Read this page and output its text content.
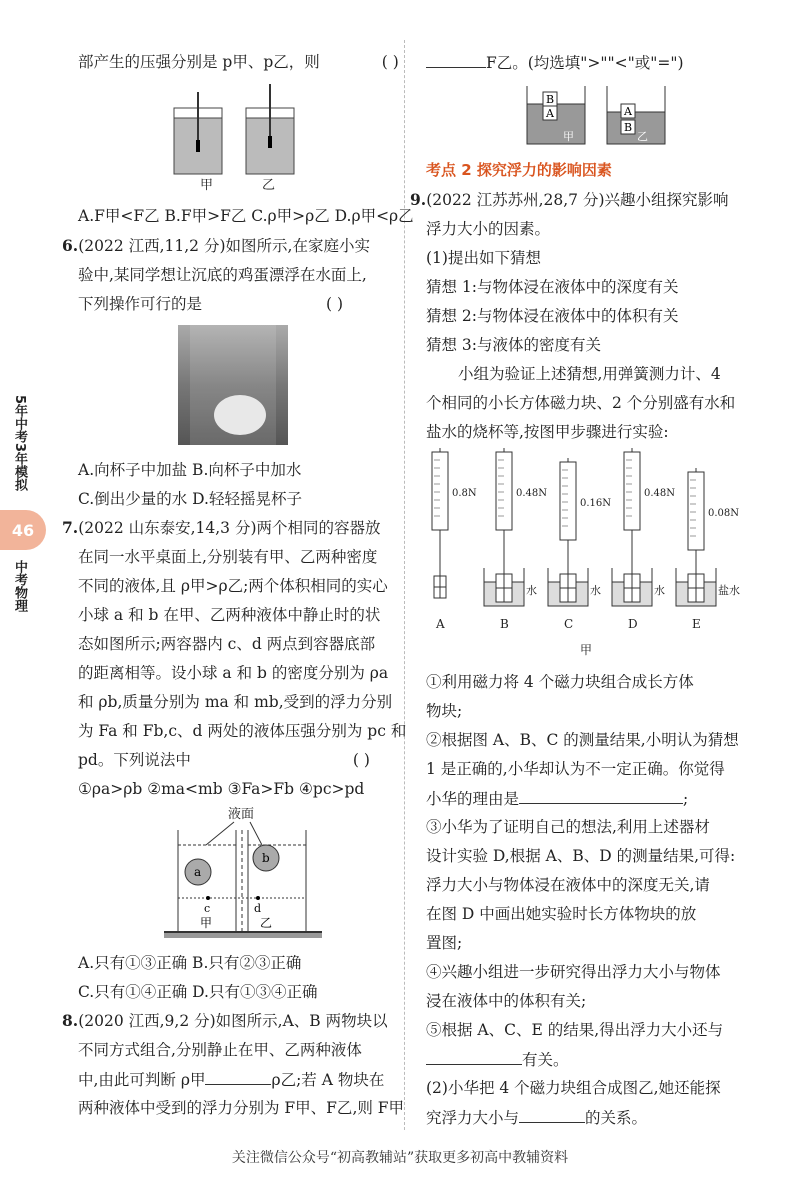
5年中考3年模拟
46
中考物理
部产生的压强分别是 p甲、p乙，则	( )
甲	乙
A.F甲<F乙 B.F甲>F乙 C.ρ甲>ρ乙 D.ρ甲<ρ乙
6.(2022 江西,11,2 分)如图所示,在家庭小实
验中,某同学想让沉底的鸡蛋漂浮在水面上,
下列操作可行的是	( )
A.向杯子中加盐 B.向杯子中加水
C.倒出少量的水 D.轻轻摇晃杯子
7.(2022 山东泰安,14,3 分)两个相同的容器放
在同一水平桌面上,分别装有甲、乙两种密度
不同的液体,且 ρ甲>ρ乙;两个体积相同的实心
小球 a 和 b 在甲、乙两种液体中静止时的状
态如图所示;两容器内 c、d 两点到容器底部
的距离相等。设小球 a 和 b 的密度分别为 ρa
和 ρb,质量分别为 ma 和 mb,受到的浮力分别
为 Fa 和 Fb,c、d 两处的液体压强分别为 pc 和
pd。下列说法中	( )
①ρa>ρb ②ma<mb ③Fa>Fb ④pc>pd
液面
a
b
c	d
甲	乙
A.只有①③正确 B.只有②③正确
C.只有①④正确 D.只有①③④正确
8.(2020 江西,9,2 分)如图所示,A、B 两物块以
不同方式组合,分别静止在甲、乙两种液体
中,由此可判断 ρ甲	ρ乙;若 A 物块在
两种液体中受到的浮力分别为 F甲、F乙,则 F甲
F乙。(均选填">""<"或"=")
B
A
甲
A
B
乙
考点 2 探究浮力的影响因素
9.(2022 江苏苏州,28,7 分)兴趣小组探究影响
浮力大小的因素。
(1)提出如下猜想
猜想 1:与物体浸在液体中的深度有关
猜想 2:与物体浸在液体中的体积有关
猜想 3:与液体的密度有关
小组为验证上述猜想,用弹簧测力计、4
个相同的小长方体磁力块、2 个分别盛有水和
盐水的烧杯等,按图甲步骤进行实验:
0.8N
A
0.48N
水
B
0.16N
水
C
0.48N
水
D
0.08N
盐水
E
甲
①利用磁力将 4 个磁力块组合成长方体
物块;
②根据图 A、B、C 的测量结果,小明认为猜想
1 是正确的,小华却认为不一定正确。你觉得
小华的理由是	;
③小华为了证明自己的想法,利用上述器材
设计实验 D,根据 A、B、D 的测量结果,可得:
浮力大小与物体浸在液体中的深度无关,请
在图 D 中画出她实验时长方体物块的放
置图;
④兴趣小组进一步研究得出浮力大小与物体
浸在液体中的体积有关;
⑤根据 A、C、E 的结果,得出浮力大小还与
有关。
(2)小华把 4 个磁力块组合成图乙,她还能探
究浮力大小与	的关系。
关注微信公众号“初高教辅站”获取更多初高中教辅资料
